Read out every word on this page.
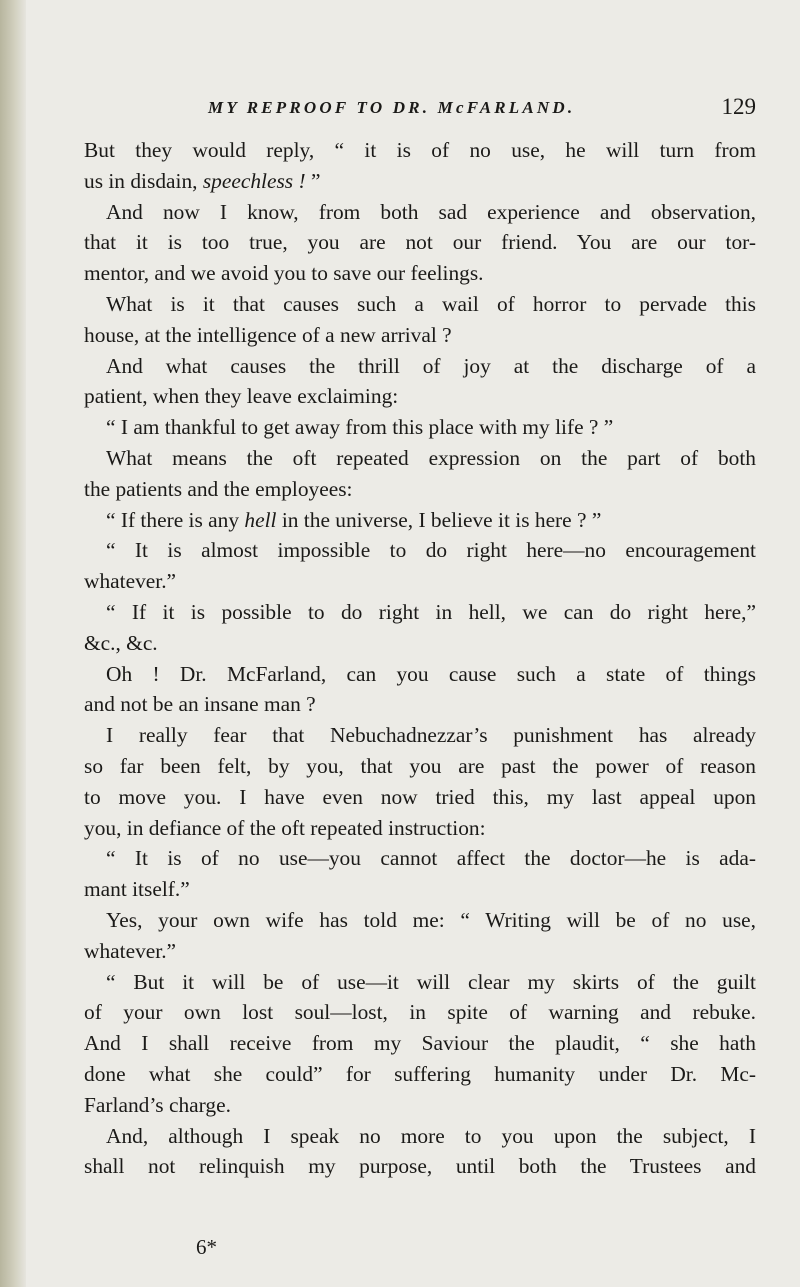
MY REPROOF TO DR. McFARLAND.	129
But they would reply, “ it is of no use, he will turn from
us in disdain, speechless ! ”
And now I know, from both sad experience and observation,
that it is too true, you are not our friend. You are our tor-
mentor, and we avoid you to save our feelings.
What is it that causes such a wail of horror to pervade this
house, at the intelligence of a new arrival ?
And what causes the thrill of joy at the discharge of a
patient, when they leave exclaiming:
“ I am thankful to get away from this place with my life ? ”
What means the oft repeated expression on the part of both
the patients and the employees:
“ If there is any hell in the universe, I believe it is here ? ”
“ It is almost impossible to do right here—no encouragement
whatever.”
“ If it is possible to do right in hell, we can do right here,”
&c., &c.
Oh ! Dr. McFarland, can you cause such a state of things
and not be an insane man ?
I really fear that Nebuchadnezzar’s punishment has already
so far been felt, by you, that you are past the power of reason
to move you. I have even now tried this, my last appeal upon
you, in defiance of the oft repeated instruction:
“ It is of no use—you cannot affect the doctor—he is ada-
mant itself.”
Yes, your own wife has told me: “ Writing will be of no use,
whatever.”
“ But it will be of use—it will clear my skirts of the guilt
of your own lost soul—lost, in spite of warning and rebuke.
And I shall receive from my Saviour the plaudit, “ she hath
done what she could” for suffering humanity under Dr. Mc-
Farland’s charge.
And, although I speak no more to you upon the subject, I
shall not relinquish my purpose, until both the Trustees and
6*
